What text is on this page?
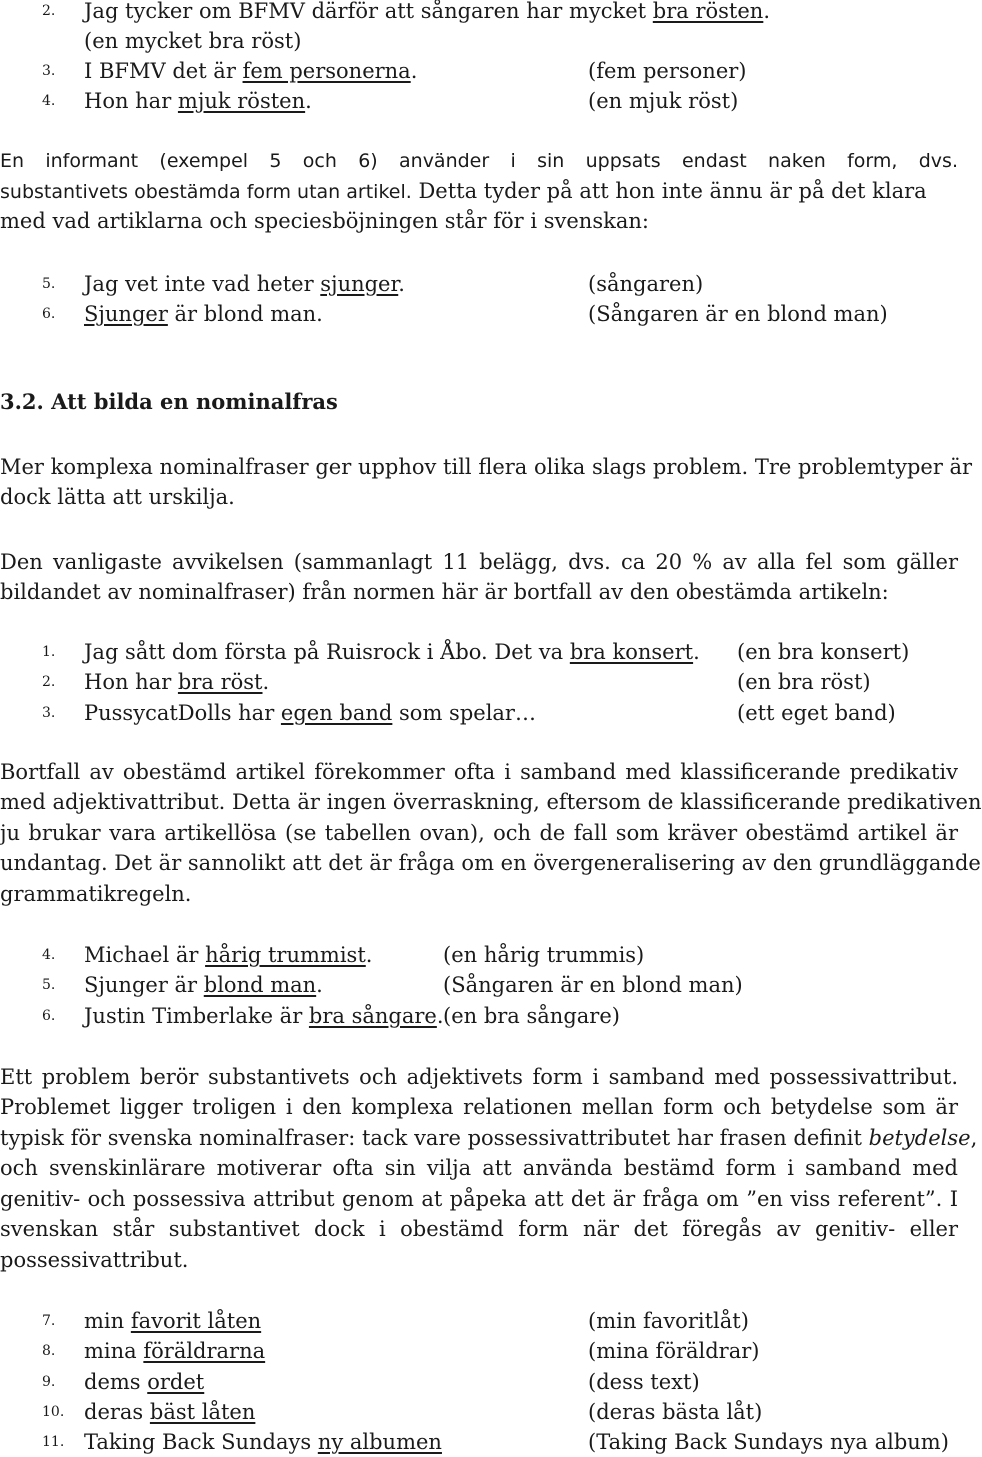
2. Jag tycker om BFMV därför att sångaren har mycket bra rösten.
(en mycket bra röst)
3. I BFMV det är fem personerna.	(fem personer)
4. Hon har mjuk rösten.	(en mjuk röst)
En informant (exempel 5 och 6) använder i sin uppsats endast naken form, dvs.
substantivets obestämda form utan artikel. Detta tyder på att hon inte ännu är på det klara
med vad artiklarna och speciesböjningen står för i svenskan:
5. Jag vet inte vad heter sjunger.	(sångaren)
6. Sjunger är blond man.	(Sångaren är en blond man)
3.2. Att bilda en nominalfras
Mer komplexa nominalfraser ger upphov till flera olika slags problem. Tre problemtyper är
dock lätta att urskilja.
Den vanligaste avvikelsen (sammanlagt 11 belägg, dvs. ca 20 % av alla fel som gäller
bildandet av nominalfraser) från normen här är bortfall av den obestämda artikeln:
1. Jag sått dom första på Ruisrock i Åbo. Det va bra konsert. (en bra konsert)
2. Hon har bra röst.	(en bra röst)
3. PussycatDolls har egen band som spelar…	(ett eget band)
Bortfall av obestämd artikel förekommer ofta i samband med klassificerande predikativ
med adjektivattribut. Detta är ingen överraskning, eftersom de klassificerande predikativen
ju brukar vara artikellösa (se tabellen ovan), och de fall som kräver obestämd artikel är
undantag. Det är sannolikt att det är fråga om en övergeneralisering av den grundläggande
grammatikregeln.
4. Michael är hårig trummist.	(en hårig trummis)
5. Sjunger är blond man.	(Sångaren är en blond man)
6. Justin Timberlake är bra sångare. (en bra sångare)
Ett problem berör substantivets och adjektivets form i samband med possessivattribut.
Problemet ligger troligen i den komplexa relationen mellan form och betydelse som är
typisk för svenska nominalfraser: tack vare possessivattributet har frasen definit betydelse,
och svenskinlärare motiverar ofta sin vilja att använda bestämd form i samband med
genitiv- och possessiva attribut genom at påpeka att det är fråga om ”en viss referent”. I
svenskan står substantivet dock i obestämd form när det föregås av genitiv- eller
possessivattribut.
7. min favorit låten	(min favoritlåt)
8. mina föräldrarna	(mina föräldrar)
9. dems ordet	(dess text)
10. deras bäst låten	(deras bästa låt)
11. Taking Back Sundays ny albumen	(Taking Back Sundays nya album)
